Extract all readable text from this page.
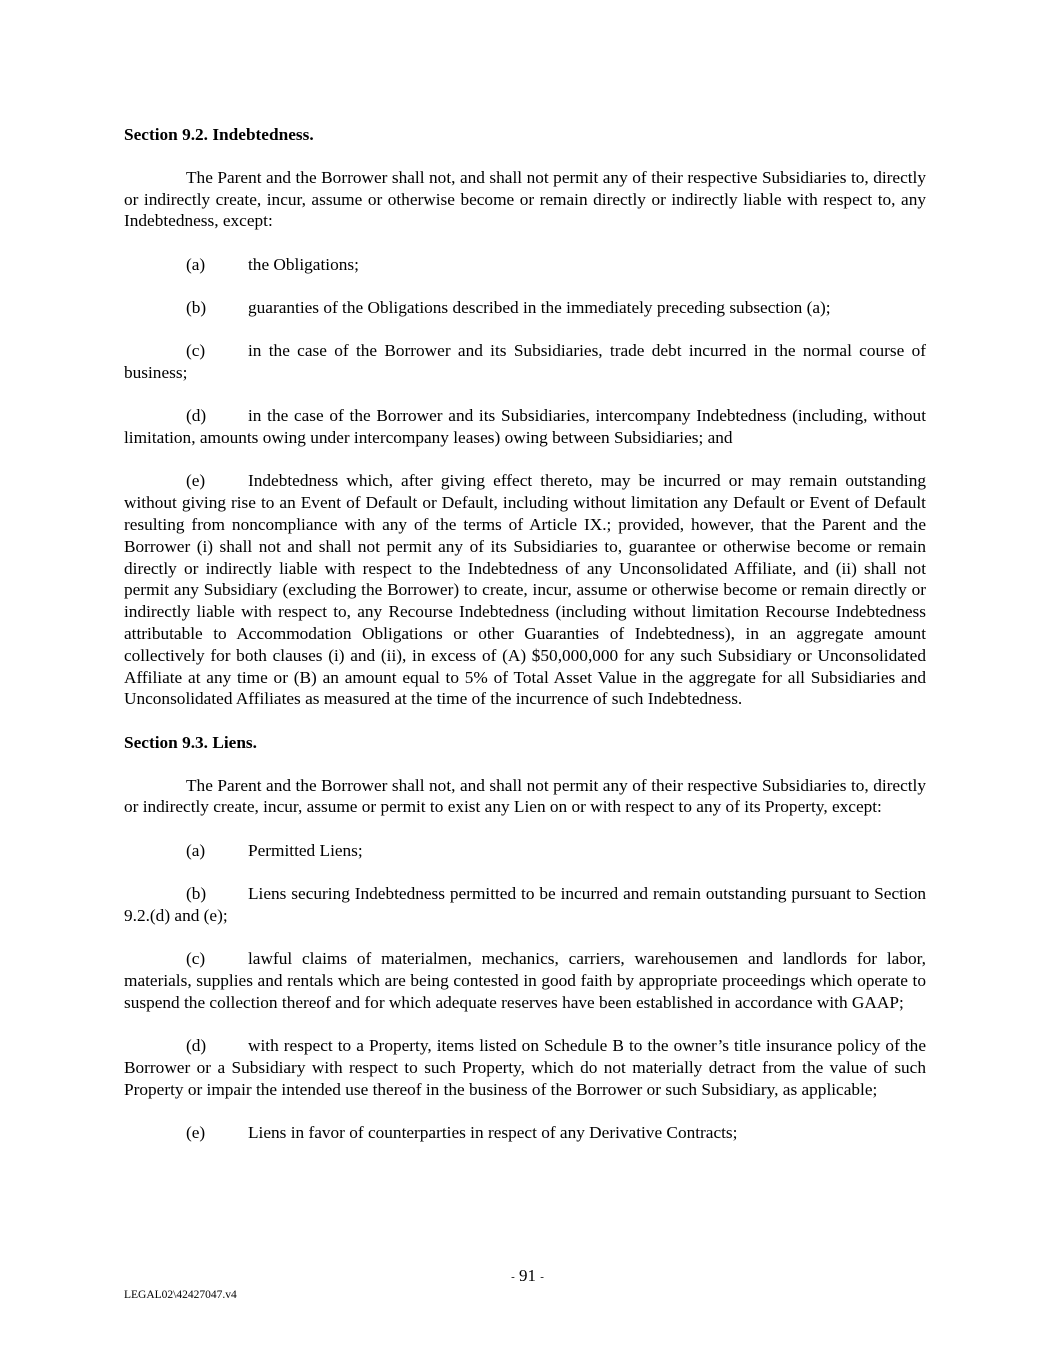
Section 9.2. Indebtedness.

The Parent and the Borrower shall not, and shall not permit any of their respective Subsidiaries to, directly or indirectly create, incur, assume or otherwise become or remain directly or indirectly liable with respect to, any Indebtedness, except:

(a) the Obligations;

(b) guaranties of the Obligations described in the immediately preceding subsection (a);

(c) in the case of the Borrower and its Subsidiaries, trade debt incurred in the normal course of business;

(d) in the case of the Borrower and its Subsidiaries, intercompany Indebtedness (including, without limitation, amounts owing under intercompany leases) owing between Subsidiaries; and

(e) Indebtedness which, after giving effect thereto, may be incurred or may remain outstanding without giving rise to an Event of Default or Default, including without limitation any Default or Event of Default resulting from noncompliance with any of the terms of Article IX.; provided, however, that the Parent and the Borrower (i) shall not and shall not permit any of its Subsidiaries to, guarantee or otherwise become or remain directly or indirectly liable with respect to the Indebtedness of any Unconsolidated Affiliate, and (ii) shall not permit any Subsidiary (excluding the Borrower) to create, incur, assume or otherwise become or remain directly or indirectly liable with respect to, any Recourse Indebtedness (including without limitation Recourse Indebtedness attributable to Accommodation Obligations or other Guaranties of Indebtedness), in an aggregate amount collectively for both clauses (i) and (ii), in excess of (A) $50,000,000 for any such Subsidiary or Unconsolidated Affiliate at any time or (B) an amount equal to 5% of Total Asset Value in the aggregate for all Subsidiaries and Unconsolidated Affiliates as measured at the time of the incurrence of such Indebtedness.

Section 9.3. Liens.

The Parent and the Borrower shall not, and shall not permit any of their respective Subsidiaries to, directly or indirectly create, incur, assume or permit to exist any Lien on or with respect to any of its Property, except:

(a) Permitted Liens;

(b) Liens securing Indebtedness permitted to be incurred and remain outstanding pursuant to Section 9.2.(d) and (e);

(c) lawful claims of materialmen, mechanics, carriers, warehousemen and landlords for labor, materials, supplies and rentals which are being contested in good faith by appropriate proceedings which operate to suspend the collection thereof and for which adequate reserves have been established in accordance with GAAP;

(d) with respect to a Property, items listed on Schedule B to the owner’s title insurance policy of the Borrower or a Subsidiary with respect to such Property, which do not materially detract from the value of such Property or impair the intended use thereof in the business of the Borrower or such Subsidiary, as applicable;

(e) Liens in favor of counterparties in respect of any Derivative Contracts;

- 91 -
LEGAL02\42427047.v4
